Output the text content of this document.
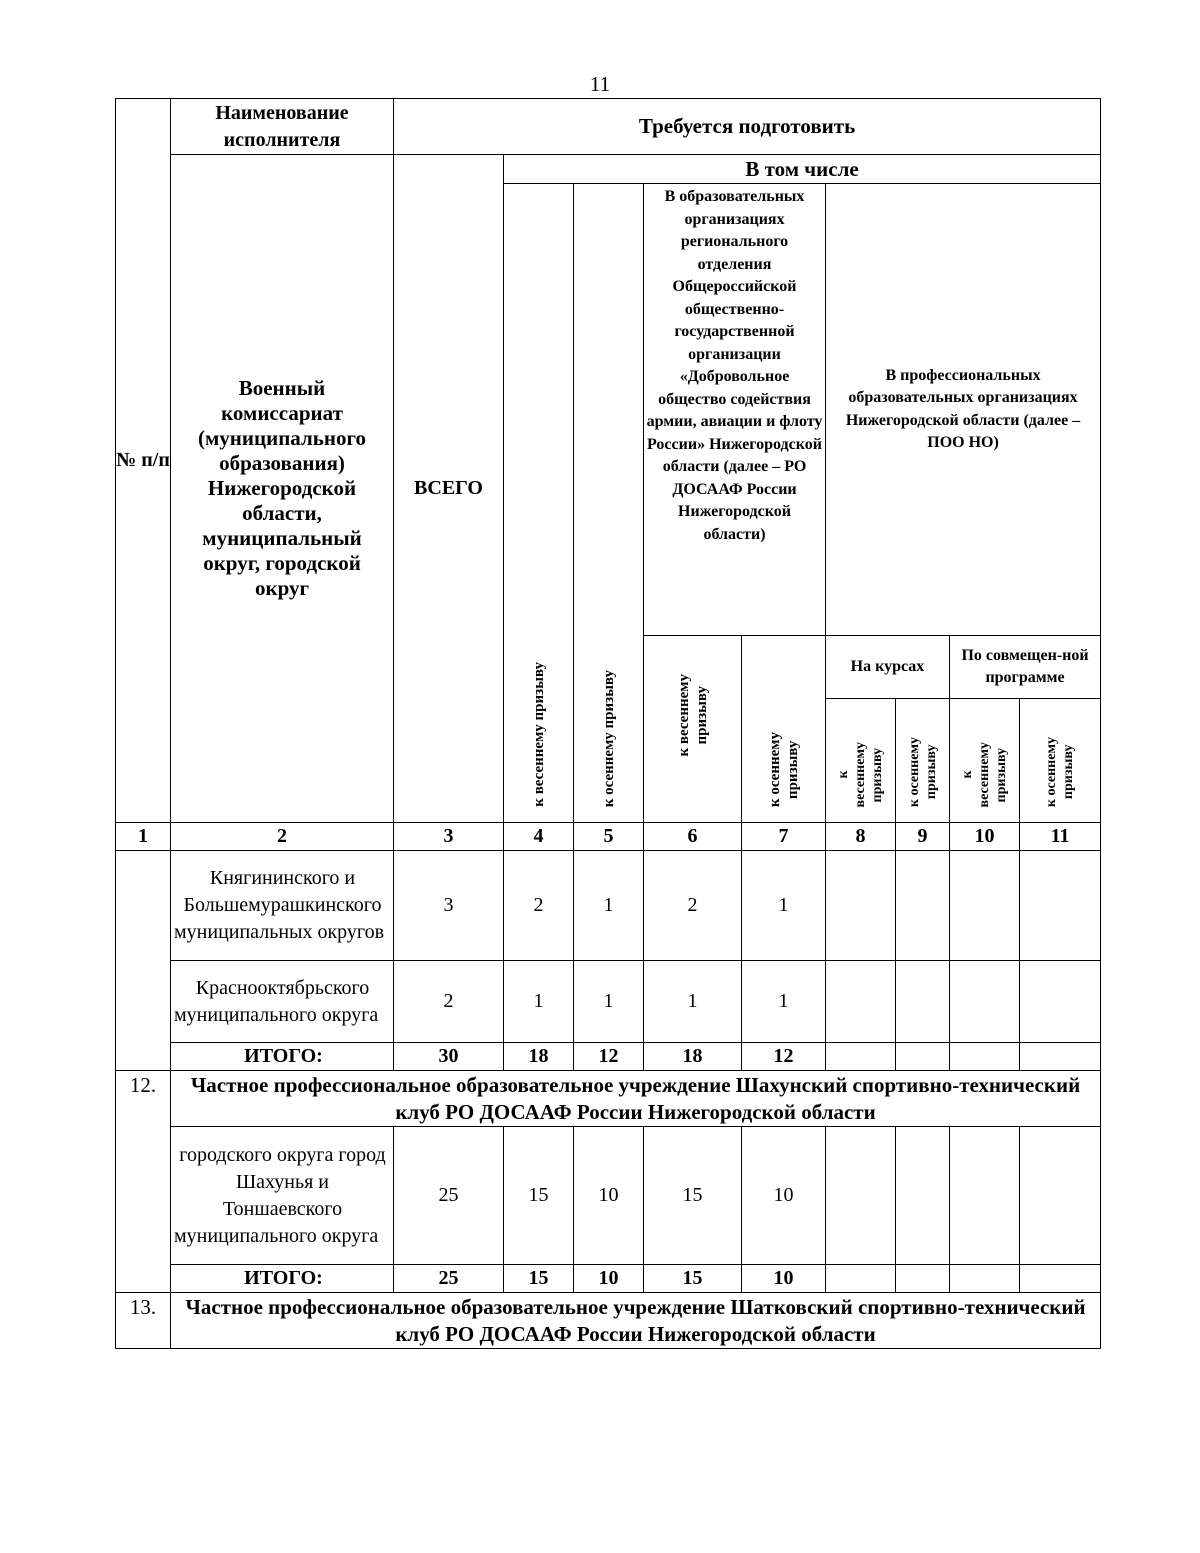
11
№ п/п	Наименование исполнителя	Требуется подготовить								
	Военный комиссариат (муниципального образования) Нижегородской области, муниципальный округ, городской округ	ВСЕГО	В том числе							
			к весеннему призыву	к осеннему призыву	В образовательных организациях регионального отделения Общероссийской общественно-государственной организации «Добровольное общество содействия армии, авиации и флоту России» Нижегородской области (далее – РО ДОСААФ России Нижегородской области)		В профессиональных образовательных организациях Нижегородской области (далее – ПОО НО)			
					к весеннему призыву	к осеннему призыву	На курсах		По совмещен-ной программе	
							к весеннему призыву	к осеннему призыву	к весеннему призыву	к осеннему призыву
1	2	3	4	5	6	7	8	9	10	11
	Княгининского и Большемурашкинского муниципальных округов	3	2	1	2	1				
	Краснооктябрьского муниципального округа	2	1	1	1	1				
	ИТОГО:	30	18	12	18	12				
12.	Частное профессиональное образовательное учреждение Шахунский спортивно-технический клуб РО ДОСААФ России Нижегородской области									
	городского округа город Шахунья и Тоншаевского муниципального округа	25	15	10	15	10				
	ИТОГО:	25	15	10	15	10				
13.	Частное профессиональное образовательное учреждение Шатковский спортивно-технический клуб РО ДОСААФ России Нижегородской области									
